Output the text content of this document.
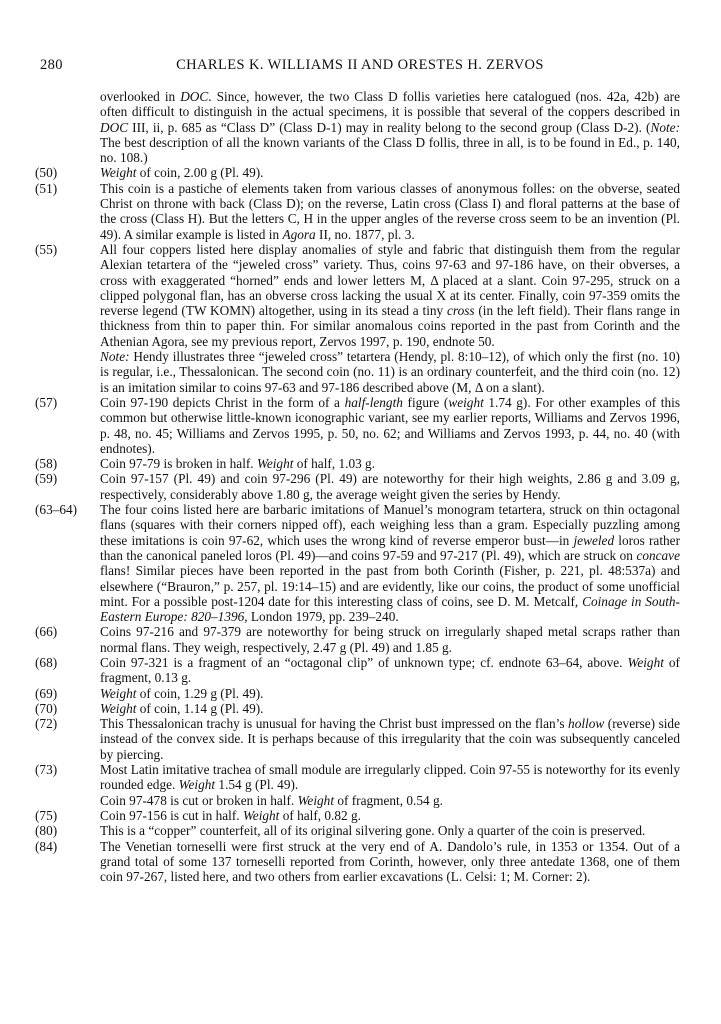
280	CHARLES K. WILLIAMS II AND ORESTES H. ZERVOS

overlooked in DOC. Since, however, the two Class D follis varieties here catalogued (nos. 42a, 42b) are often difficult to distinguish in the actual specimens, it is possible that several of the coppers described in DOC III, ii, p. 685 as “Class D” (Class D-1) may in reality belong to the second group (Class D-2). (Note: The best description of all the known variants of the Class D follis, three in all, is to be found in Ed., p. 140, no. 108.)

(50)	Weight of coin, 2.00 g (Pl. 49).

(51)	This coin is a pastiche of elements taken from various classes of anonymous folles: on the obverse, seated Christ on throne with back (Class D); on the reverse, Latin cross (Class I) and floral patterns at the base of the cross (Class H). But the letters C, H in the upper angles of the reverse cross seem to be an invention (Pl. 49). A similar example is listed in Agora II, no. 1877, pl. 3.

(55)	All four coppers listed here display anomalies of style and fabric that distinguish them from the regular Alexian tetartera of the “jeweled cross” variety. Thus, coins 97-63 and 97-186 have, on their obverses, a cross with exaggerated “horned” ends and lower letters M, Δ placed at a slant. Coin 97-295, struck on a clipped polygonal flan, has an obverse cross lacking the usual X at its center. Finally, coin 97-359 omits the reverse legend (TW KOMN) altogether, using in its stead a tiny cross (in the left field). Their flans range in thickness from thin to paper thin. For similar anomalous coins reported in the past from Corinth and the Athenian Agora, see my previous report, Zervos 1997, p. 190, endnote 50.

Note: Hendy illustrates three “jeweled cross” tetartera (Hendy, pl. 8:10–12), of which only the first (no. 10) is regular, i.e., Thessalonican. The second coin (no. 11) is an ordinary counterfeit, and the third coin (no. 12) is an imitation similar to coins 97-63 and 97-186 described above (M, Δ on a slant).

(57)	Coin 97-190 depicts Christ in the form of a half-length figure (weight 1.74 g). For other examples of this common but otherwise little-known iconographic variant, see my earlier reports, Williams and Zervos 1996, p. 48, no. 45; Williams and Zervos 1995, p. 50, no. 62; and Williams and Zervos 1993, p. 44, no. 40 (with endnotes).

(58)	Coin 97-79 is broken in half. Weight of half, 1.03 g.

(59)	Coin 97-157 (Pl. 49) and coin 97-296 (Pl. 49) are noteworthy for their high weights, 2.86 g and 3.09 g, respectively, considerably above 1.80 g, the average weight given the series by Hendy.

(63–64) The four coins listed here are barbaric imitations of Manuel’s monogram tetartera, struck on thin octagonal flans (squares with their corners nipped off), each weighing less than a gram. Especially puzzling among these imitations is coin 97-62, which uses the wrong kind of reverse emperor bust—in jeweled loros rather than the canonical paneled loros (Pl. 49)—and coins 97-59 and 97-217 (Pl. 49), which are struck on concave flans! Similar pieces have been reported in the past from both Corinth (Fisher, p. 221, pl. 48:537a) and elsewhere (“Brauron,” p. 257, pl. 19:14–15) and are evidently, like our coins, the product of some unofficial mint. For a possible post-1204 date for this interesting class of coins, see D. M. Metcalf, Coinage in South-Eastern Europe: 820–1396, London 1979, pp. 239–240.

(66)	Coins 97-216 and 97-379 are noteworthy for being struck on irregularly shaped metal scraps rather than normal flans. They weigh, respectively, 2.47 g (Pl. 49) and 1.85 g.

(68)	Coin 97-321 is a fragment of an “octagonal clip” of unknown type; cf. endnote 63–64, above. Weight of fragment, 0.13 g.

(69)	Weight of coin, 1.29 g (Pl. 49).

(70)	Weight of coin, 1.14 g (Pl. 49).

(72)	This Thessalonican trachy is unusual for having the Christ bust impressed on the flan’s hollow (reverse) side instead of the convex side. It is perhaps because of this irregularity that the coin was subsequently canceled by piercing.

(73)	Most Latin imitative trachea of small module are irregularly clipped. Coin 97-55 is noteworthy for its evenly rounded edge. Weight 1.54 g (Pl. 49).

Coin 97-478 is cut or broken in half. Weight of fragment, 0.54 g.

(75)	Coin 97-156 is cut in half. Weight of half, 0.82 g.

(80)	This is a “copper” counterfeit, all of its original silvering gone. Only a quarter of the coin is preserved.

(84)	The Venetian torneselli were first struck at the very end of A. Dandolo’s rule, in 1353 or 1354. Out of a grand total of some 137 torneselli reported from Corinth, however, only three antedate 1368, one of them coin 97-267, listed here, and two others from earlier excavations (L. Celsi: 1; M. Corner: 2).
